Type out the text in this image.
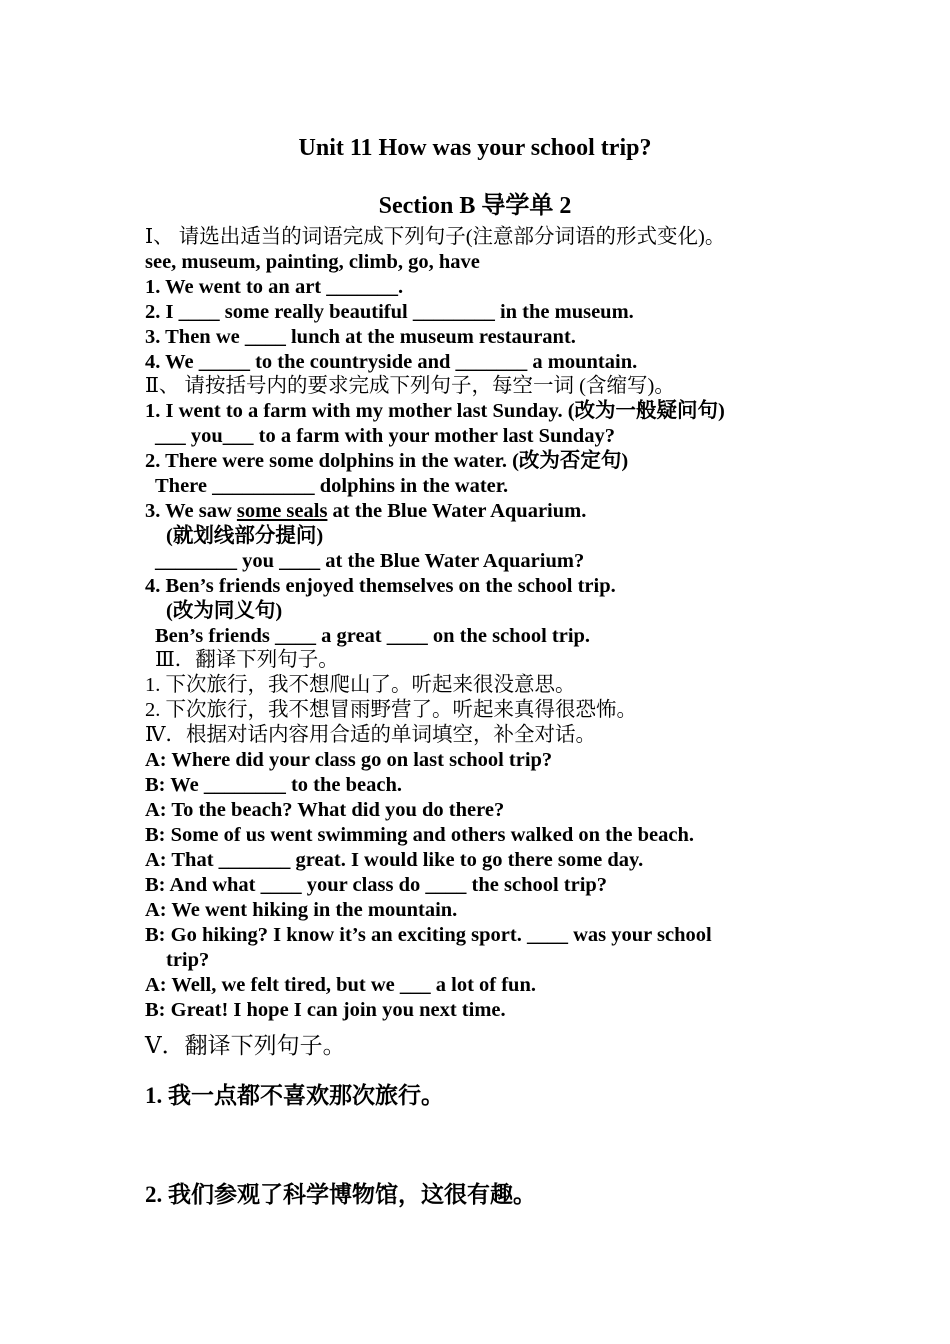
Unit 11 How was your school trip?
Section B 导学单 2
Ⅰ、 请选出适当的词语完成下列句子(注意部分词语的形式变化)。
see, museum, painting, climb, go, have
1. We went to an art _______.
2. I ____ some really beautiful ________ in the museum.
3. Then we ____ lunch at the museum restaurant.
4. We _____ to the countryside and _______ a mountain.
Ⅱ、 请按括号内的要求完成下列句子，每空一词 (含缩写)。
1. I went to a farm with my mother last Sunday. (改为一般疑问句)
___ you___ to a farm with your mother last Sunday?
2. There were some dolphins in the water. (改为否定句)
There __________ dolphins in the water.
3. We saw some seals at the Blue Water Aquarium.
(就划线部分提问)
________ you ____ at the Blue Water Aquarium?
4. Ben’s friends enjoyed themselves on the school trip.
(改为同义句)
Ben’s friends ____ a great ____ on the school trip.
Ⅲ．翻译下列句子。
1. 下次旅行，我不想爬山了。听起来很没意思。
2. 下次旅行，我不想冒雨野营了。听起来真得很恐怖。
Ⅳ．根据对话内容用合适的单词填空，补全对话。
A: Where did your class go on last school trip?
B: We ________ to the beach.
A: To the beach? What did you do there?
B: Some of us went swimming and others walked on the beach.
A: That _______ great. I would like to go there some day.
B: And what ____ your class do ____ the school trip?
A: We went hiking in the mountain.
B: Go hiking? I know it’s an exciting sport. ____ was your school
trip?
A: Well, we felt tired, but we ___ a lot of fun.
B: Great! I hope I can join you next time.
Ⅴ．翻译下列句子。
1. 我一点都不喜欢那次旅行。
2. 我们参观了科学博物馆，这很有趣。
